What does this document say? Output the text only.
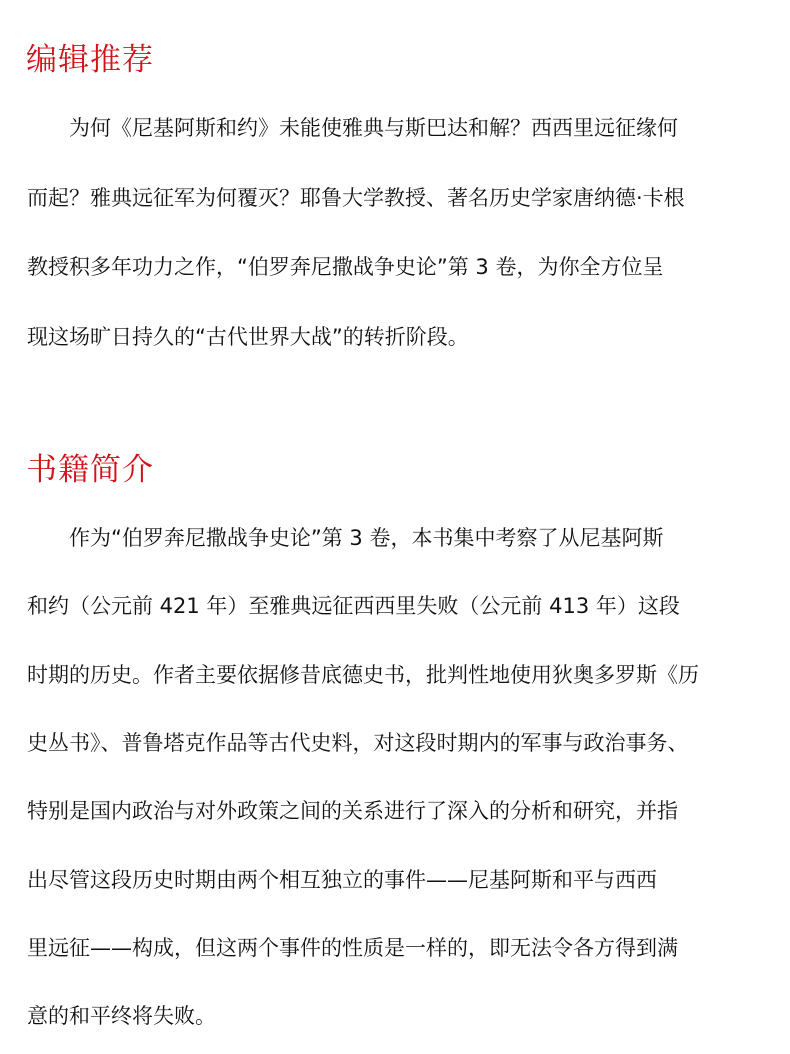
编辑推荐

　　为何《尼基阿斯和约》未能使雅典与斯巴达和解？西西里远征缘何

而起？雅典远征军为何覆灭？耶鲁大学教授、著名历史学家唐纳德·卡根

教授积多年功力之作，“伯罗奔尼撒战争史论”第 3 卷，为你全方位呈

现这场旷日持久的“古代世界大战”的转折阶段。

书籍简介

　　作为“伯罗奔尼撒战争史论”第 3 卷，本书集中考察了从尼基阿斯

和约（公元前 421 年）至雅典远征西西里失败（公元前 413 年）这段

时期的历史。作者主要依据修昔底德史书，批判性地使用狄奥多罗斯《历

史丛书》、普鲁塔克作品等古代史料，对这段时期内的军事与政治事务、

特别是国内政治与对外政策之间的关系进行了深入的分析和研究，并指

出尽管这段历史时期由两个相互独立的事件——尼基阿斯和平与西西

里远征——构成，但这两个事件的性质是一样的，即无法令各方得到满

意的和平终将失败。
